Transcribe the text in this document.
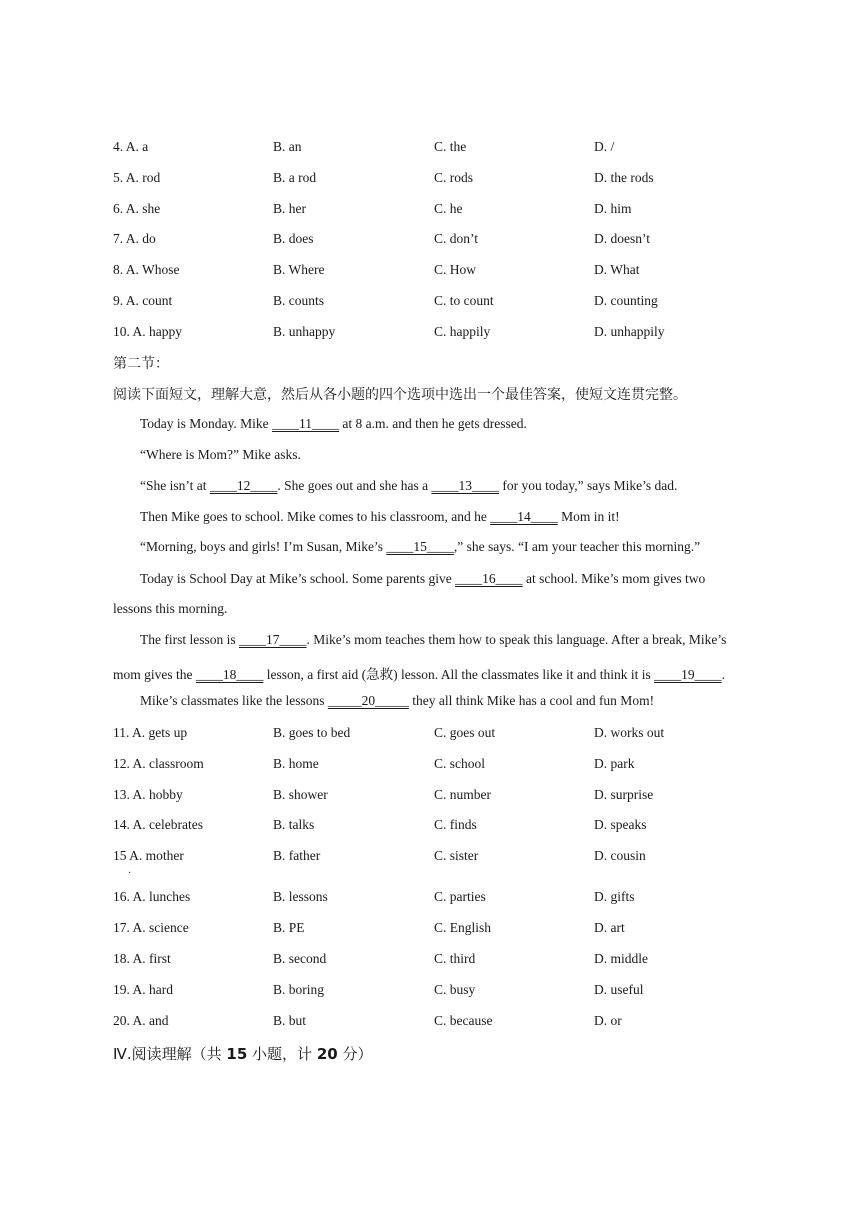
4. A. a	B. an	C. the	D. /
5. A. rod	B. a rod	C. rods	D. the rods
6. A. she	B. her	C. he	D. him
7. A. do	B. does	C. don’t	D. doesn’t
8. A. Whose	B. Where	C. How	D. What
9. A. count	B. counts	C. to count	D. counting
10. A. happy	B. unhappy	C. happily	D. unhappily
第二节：
阅读下面短文，理解大意，然后从各小题的四个选项中选出一个最佳答案，使短文连贯完整。
Today is Monday. Mike ____11____ at 8 a.m. and then he gets dressed.
“Where is Mom?” Mike asks.
“She isn’t at ____12____. She goes out and she has a ____13____ for you today,” says Mike’s dad.
Then Mike goes to school. Mike comes to his classroom, and he ____14____ Mom in it!
“Morning, boys and girls! I’m Susan, Mike’s ____15____,” she says. “I am your teacher this morning.”
Today is School Day at Mike’s school. Some parents give ____16____ at school. Mike’s mom gives two
lessons this morning.
The first lesson is ____17____. Mike’s mom teaches them how to speak this language. After a break, Mike’s
mom gives the ____18____ lesson, a first aid (急救) lesson. All the classmates like it and think it is ____19____.
Mike’s classmates like the lessons _____20_____ they all think Mike has a cool and fun Mom!
11. A. gets up	B. goes to bed	C. goes out	D. works out
12. A. classroom	B. home	C. school	D. park
13. A. hobby	B. shower	C. number	D. surprise
14. A. celebrates	B. talks	C. finds	D. speaks
15 A. mother	B. father	C. sister	D. cousin
·
16. A. lunches	B. lessons	C. parties	D. gifts
17. A. science	B. PE	C. English	D. art
18. A. first	B. second	C. third	D. middle
19. A. hard	B. boring	C. busy	D. useful
20. A. and	B. but	C. because	D. or
Ⅳ.阅读理解（共 15 小题，计 20 分）
